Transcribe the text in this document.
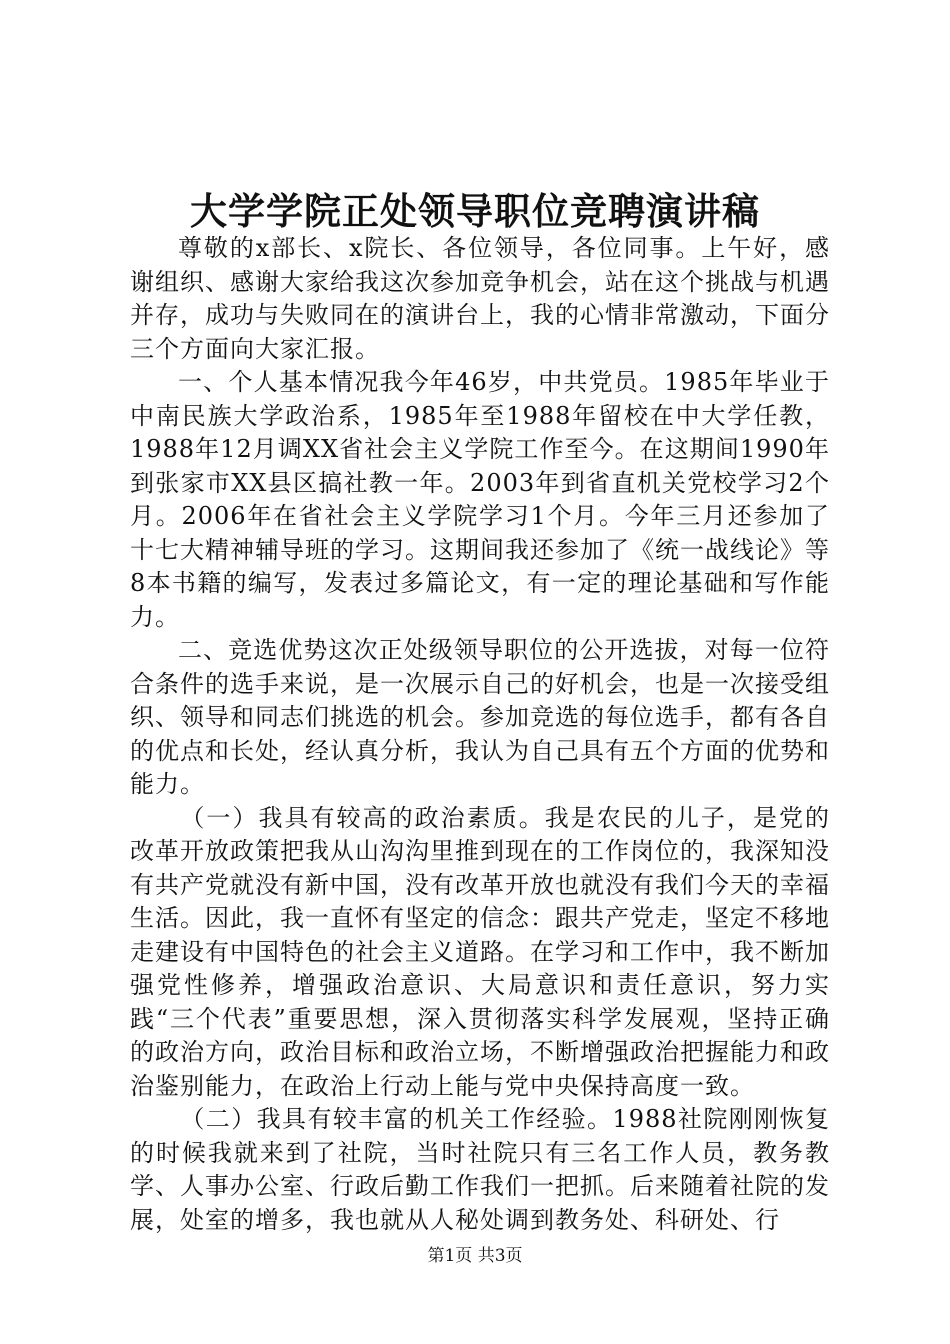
大学学院正处领导职位竞聘演讲稿

尊敬的x部长、x院长、各位领导，各位同事。上午好，感谢组织、感谢大家给我这次参加竞争机会，站在这个挑战与机遇并存，成功与失败同在的演讲台上，我的心情非常激动，下面分三个方面向大家汇报。

一、个人基本情况我今年46岁，中共党员。1985年毕业于中南民族大学政治系，1985年至1988年留校在中大学任教，1988年12月调XX省社会主义学院工作至今。在这期间1990年到张家市XX县区搞社教一年。2003年到省直机关党校学习2个月。2006年在省社会主义学院学习1个月。今年三月还参加了十七大精神辅导班的学习。这期间我还参加了《统一战线论》等8本书籍的编写，发表过多篇论文，有一定的理论基础和写作能力。

二、竞选优势这次正处级领导职位的公开选拔，对每一位符合条件的选手来说，是一次展示自己的好机会，也是一次接受组织、领导和同志们挑选的机会。参加竞选的每位选手，都有各自的优点和长处，经认真分析，我认为自己具有五个方面的优势和能力。

（一）我具有较高的政治素质。我是农民的儿子，是党的改革开放政策把我从山沟沟里推到现在的工作岗位的，我深知没有共产党就没有新中国，没有改革开放也就没有我们今天的幸福生活。因此，我一直怀有坚定的信念：跟共产党走，坚定不移地走建设有中国特色的社会主义道路。在学习和工作中，我不断加强党性修养，增强政治意识、大局意识和责任意识，努力实践“三个代表”重要思想，深入贯彻落实科学发展观，坚持正确的政治方向，政治目标和政治立场，不断增强政治把握能力和政治鉴别能力，在政治上行动上能与党中央保持高度一致。

（二）我具有较丰富的机关工作经验。1988社院刚刚恢复的时候我就来到了社院，当时社院只有三名工作人员，教务教学、人事办公室、行政后勤工作我们一把抓。后来随着社院的发展，处室的增多，我也就从人秘处调到教务处、科研处、行

第1页 共3页
